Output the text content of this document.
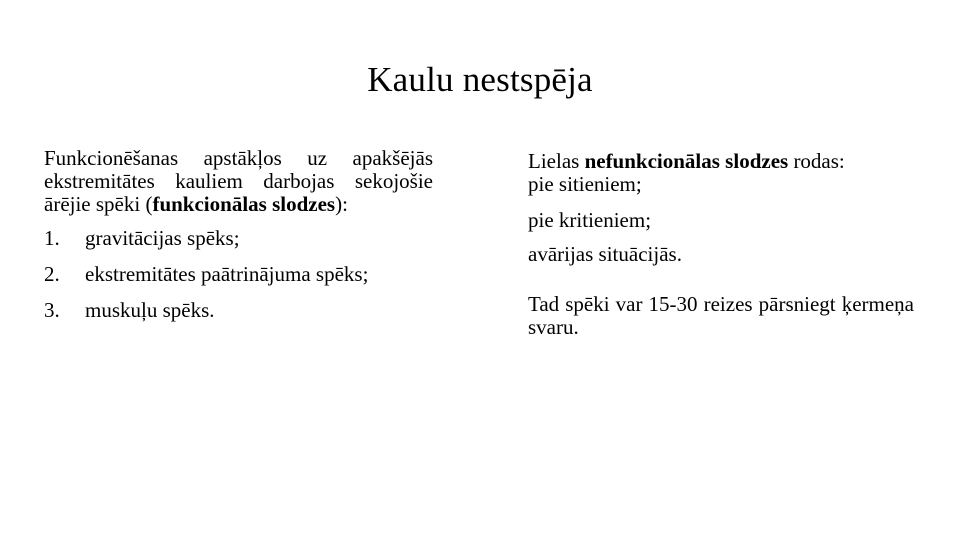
Kaulu nestspēja

Funkcionēšanas apstākļos uz apakšējās ekstremitātes kauliem darbojas sekojošie ārējie spēki (funkcionālas slodzes):

1.	gravitācijas spēks;
2.	ekstremitātes paātrinājuma spēks;
3.	muskuļu spēks.

Lielas nefunkcionālas slodzes rodas:

pie sitieniem;

pie kritieniem;

avārijas situācijās.

Tad spēki var 15-30 reizes pārsniegt ķermeņa svaru.
